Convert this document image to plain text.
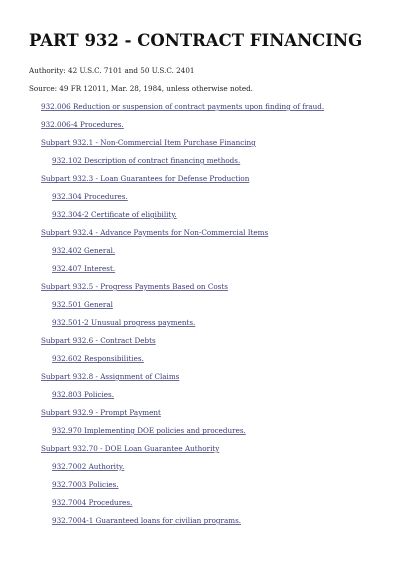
PART 932 - CONTRACT FINANCING

Authority: 42 U.S.C. 7101 and 50 U.S.C. 2401

Source: 49 FR 12011, Mar. 28, 1984, unless otherwise noted.

932.006 Reduction or suspension of contract payments upon finding of fraud.
932.006-4 Procedures.
Subpart 932.1 - Non-Commercial Item Purchase Financing
932.102 Description of contract financing methods.
Subpart 932.3 - Loan Guarantees for Defense Production
932.304 Procedures.
932.304-2 Certificate of eligibility.
Subpart 932.4 - Advance Payments for Non-Commercial Items
932.402 General.
932.407 Interest.
Subpart 932.5 - Progress Payments Based on Costs
932.501 General
932.501-2 Unusual progress payments.
Subpart 932.6 - Contract Debts
932.602 Responsibilities.
Subpart 932.8 - Assignment of Claims
932.803 Policies.
Subpart 932.9 - Prompt Payment
932.970 Implementing DOE policies and procedures.
Subpart 932.70 - DOE Loan Guarantee Authority
932.7002 Authority.
932.7003 Policies.
932.7004 Procedures.
932.7004-1 Guaranteed loans for civilian programs.
